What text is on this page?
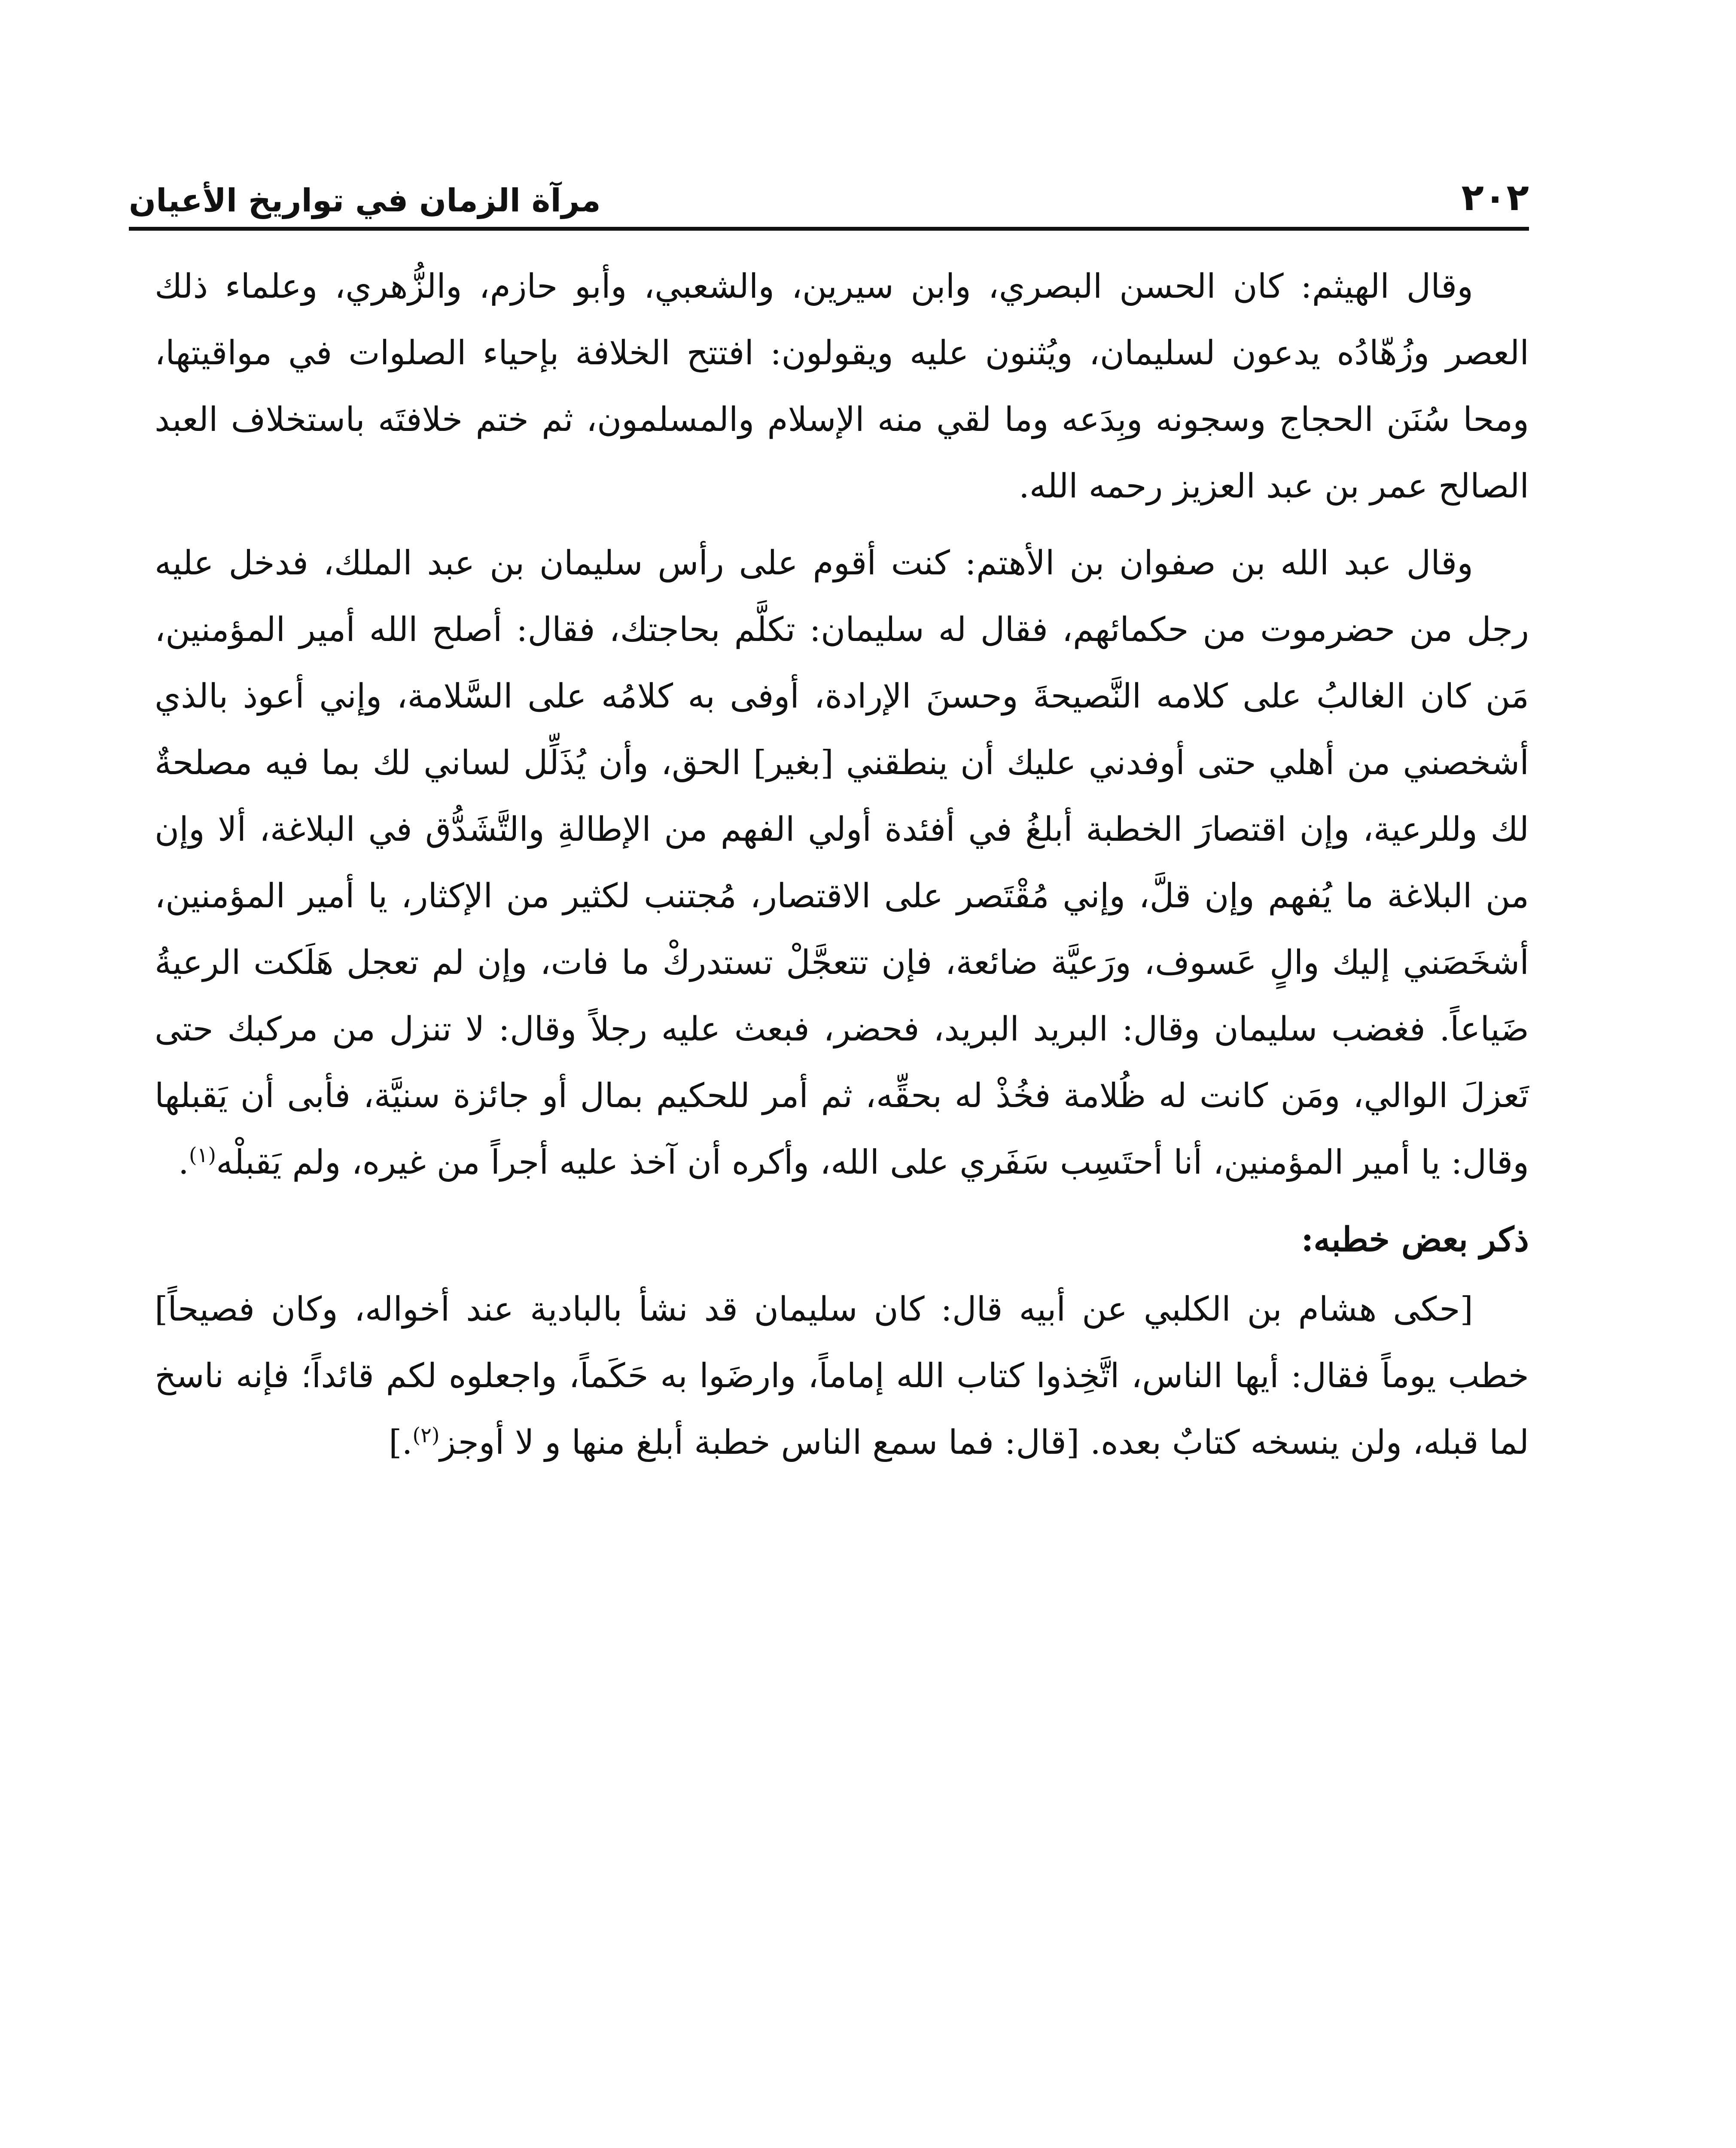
٢٠٢
مرآة الزمان في تواريخ الأعيان

وقال الهيثم: كان الحسن البصري، وابن سيرين، والشعبي، وأبو حازم، والزُّهري، وعلماء ذلك العصر وزُهّادُه يدعون لسليمان، ويُثنون عليه ويقولون: افتتح الخلافة بإحياء الصلوات في مواقيتها، ومحا سُنَن الحجاج وسجونه وبِدَعه وما لقي منه الإسلام والمسلمون، ثم ختم خلافتَه باستخلاف العبد الصالح عمر بن عبد العزيز رحمه الله.

وقال عبد الله بن صفوان بن الأهتم: كنت أقوم على رأس سليمان بن عبد الملك، فدخل عليه رجل من حضرموت من حكمائهم، فقال له سليمان: تكلَّم بحاجتك، فقال: أصلح الله أمير المؤمنين، مَن كان الغالبُ على كلامه النَّصيحةَ وحسنَ الإرادة، أوفى به كلامُه على السَّلامة، وإني أعوذ بالذي أشخصني من أهلي حتى أوفدني عليك أن ينطقني [بغير] الحق، وأن يُذَلِّل لساني لك بما فيه مصلحةٌ لك وللرعية، وإن اقتصارَ الخطبة أبلغُ في أفئدة أولي الفهم من الإطالةِ والتَّشَدُّق في البلاغة، ألا وإن من البلاغة ما يُفهم وإن قلَّ، وإني مُقْتَصر على الاقتصار، مُجتنب لكثير من الإكثار، يا أمير المؤمنين، أشخَصَني إليك والٍ عَسوف، ورَعيَّة ضائعة، فإن تتعجَّلْ تستدركْ ما فات، وإن لم تعجل هَلَكت الرعيةُ ضَياعاً. فغضب سليمان وقال: البريد البريد، فحضر، فبعث عليه رجلاً وقال: لا تنزل من مركبك حتى تَعزلَ الوالي، ومَن كانت له ظُلامة فخُذْ له بحقِّه، ثم أمر للحكيم بمال أو جائزة سنيَّة، فأبى أن يَقبلها وقال: يا أمير المؤمنين، أنا أحتَسِب سَفَري على الله، وأكره أن آخذ عليه أجراً من غيره، ولم يَقبلْه$^{(١)}$.

ذكر بعض خطبه:

[حكى هشام بن الكلبي عن أبيه قال: كان سليمان قد نشأ بالبادية عند أخواله، وكان فصيحاً] خطب يوماً فقال: أيها الناس، اتَّخِذوا كتاب الله إماماً، وارضَوا به حَكَماً، واجعلوه لكم قائداً؛ فإنه ناسخ لما قبله، ولن ينسخه كتابٌ بعده. [قال: فما سمع الناس خطبة أبلغ منها و لا أوجز$^{(٢)}$.]
